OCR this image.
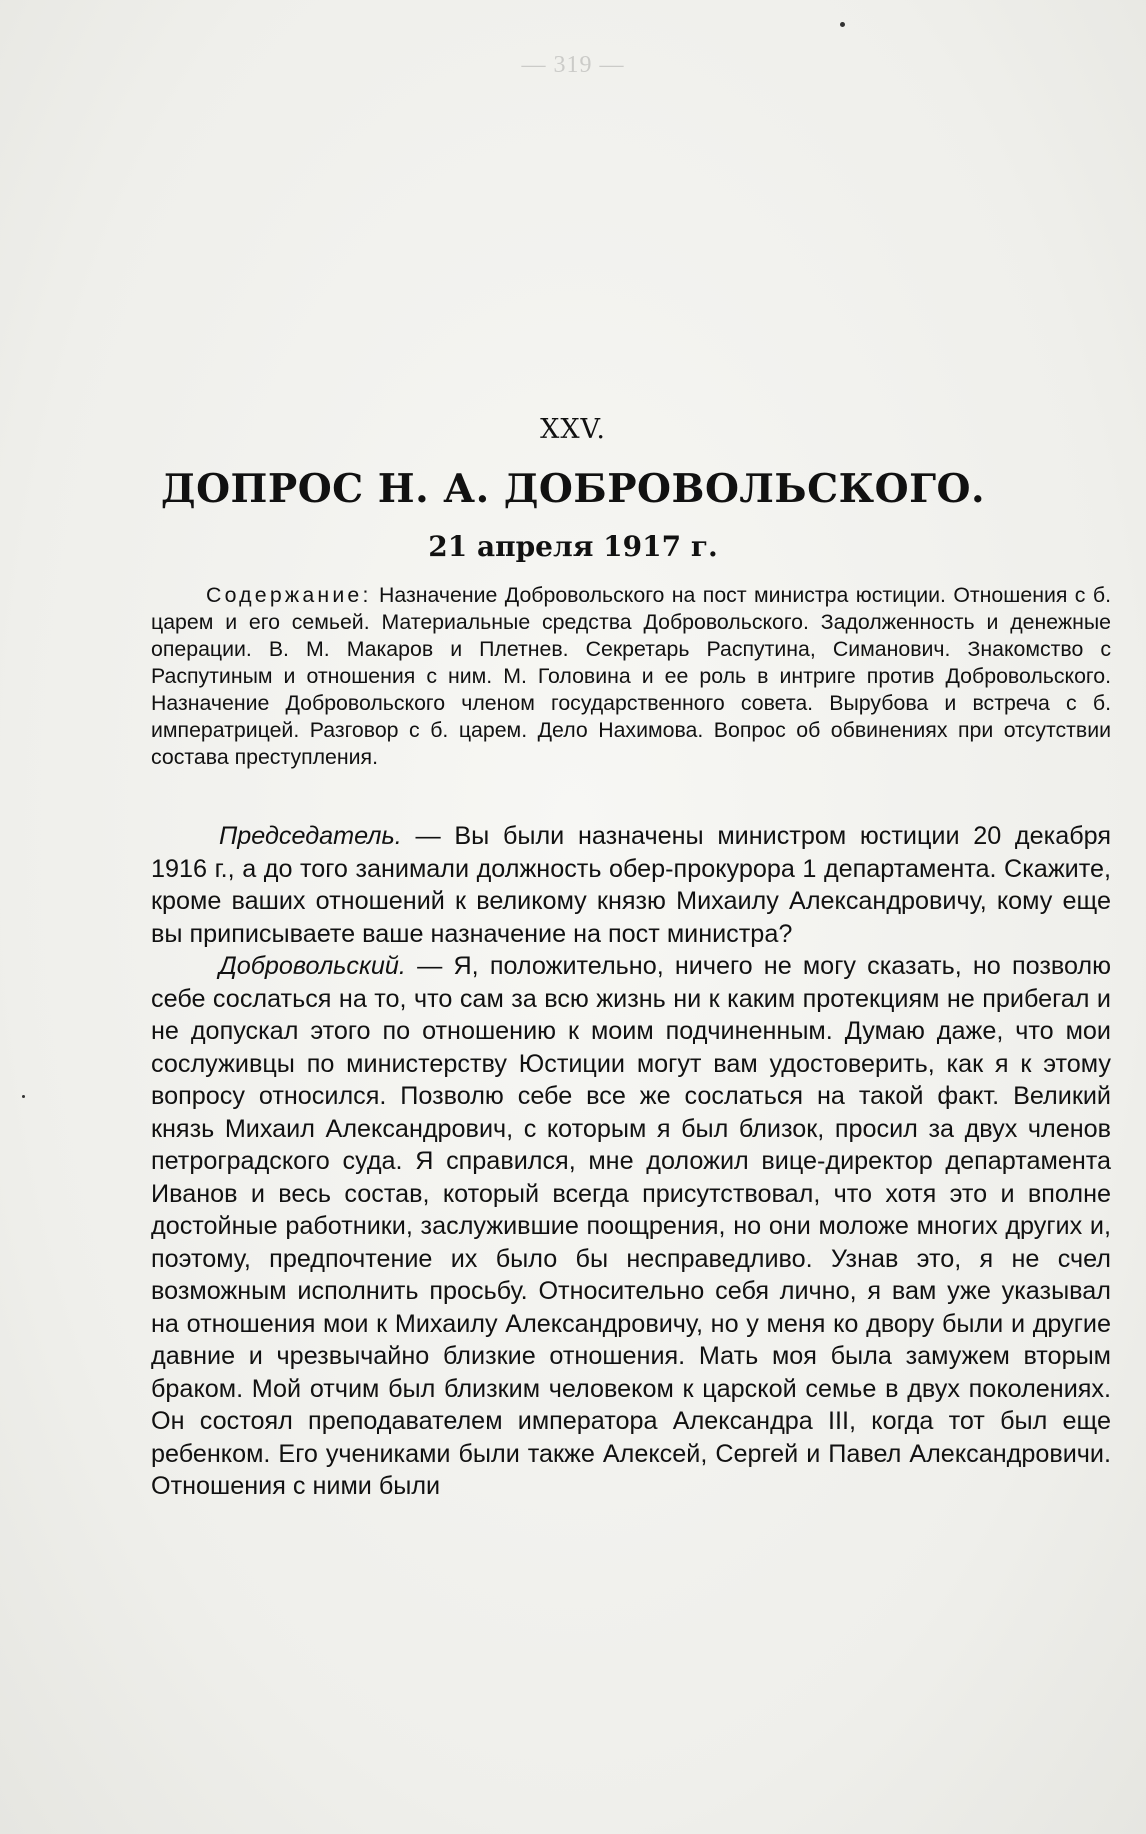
— 319 —
XXV.
ДОПРОС Н. А. ДОБРОВОЛЬСКОГО.
21 апреля 1917 г.
Содержание: Назначение Добровольского на пост министра юстиции. Отношения с б. царем и его семьей. Материальные средства Добровольского. Задолженность и денежные операции. В. М. Макаров и Плетнев. Секретарь Распутина, Симанович. Знакомство с Распутиным и отношения с ним. М. Головина и ее роль в интриге против Добровольского. Назначение Добровольского членом государственного совета. Вырубова и встреча с б. императрицей. Разговор с б. царем. Дело Нахимова. Вопрос об обвинениях при отсутствии состава преступления.

Председатель. — Вы были назначены министром юстиции 20 декабря 1916 г., а до того занимали должность обер-прокурора 1 департамента. Скажите, кроме ваших отношений к великому князю Михаилу Александровичу, кому еще вы приписываете ваше назначение на пост министра?

Добровольский. — Я, положительно, ничего не могу сказать, но позволю себе сослаться на то, что сам за всю жизнь ни к каким протекциям не прибегал и не допускал этого по отношению к моим подчиненным. Думаю даже, что мои сослуживцы по министерству Юстиции могут вам удостоверить, как я к этому вопросу относился. Позволю себе все же сослаться на такой факт. Великий князь Михаил Александрович, с которым я был близок, просил за двух членов петроградского суда. Я справился, мне доложил вице-директор департамента Иванов и весь состав, который всегда присутствовал, что хотя это и вполне достойные работники, заслужившие поощрения, но они моложе многих других и, поэтому, предпочтение их было бы несправедливо. Узнав это, я не счел возможным исполнить просьбу. Относительно себя лично, я вам уже указывал на отношения мои к Михаилу Александровичу, но у меня ко двору были и другие давние и чрезвычайно близкие отношения. Мать моя была замужем вторым браком. Мой отчим был близким человеком к царской семье в двух поколениях. Он состоял преподавателем императора Александра III, когда тот был еще ребенком. Его учениками были также Алексей, Сергей и Павел Александровичи. Отношения с ними были
